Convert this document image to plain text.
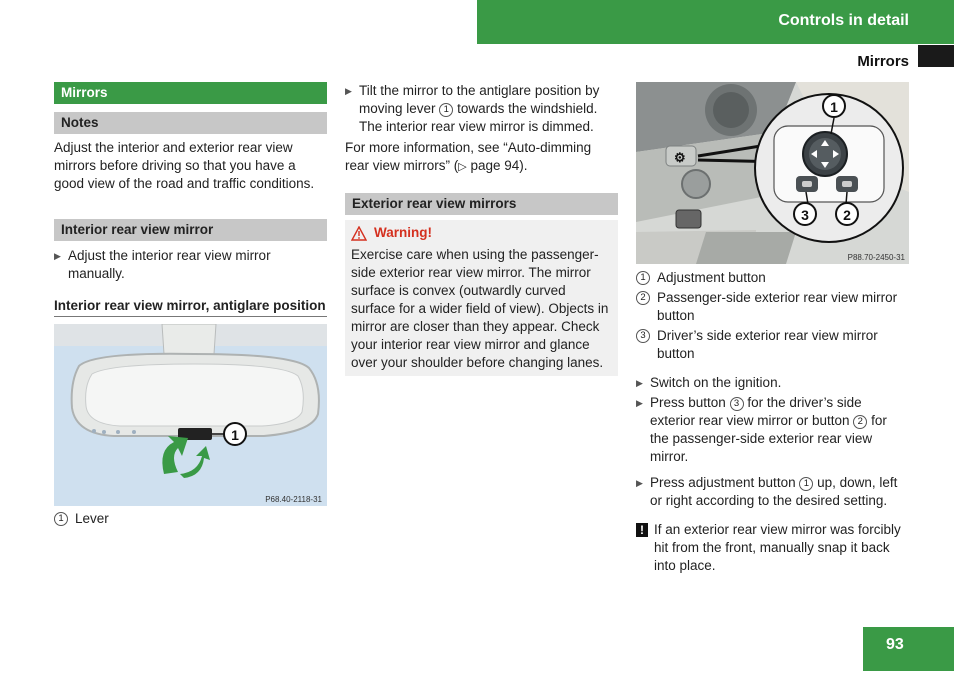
Controls in detail
Mirrors
Mirrors
Notes

Adjust the interior and exterior rear view mirrors before driving so that you have a good view of the road and traffic conditions.

Interior rear view mirror
▶ Adjust the interior rear view mirror manually.
Interior rear view mirror, antiglare position
1
P68.40-2118-31
1 Lever
▶ Tilt the mirror to the antiglare position by moving lever 1 towards the windshield. The interior rear view mirror is dimmed.

For more information, see “Auto-dimming rear view mirrors” (▷ page 94).

Exterior rear view mirrors
Warning!

Exercise care when using the passenger-side exterior rear view mirror. The mirror surface is convex (outwardly curved surface for a wider field of view). Objects in mirror are closer than they appear. Check your interior rear view mirror and glance over your shoulder before changing lanes.

⚙
1
3 2
P88.70-2450-31
1 Adjustment button
2 Passenger-side exterior rear view mirror button
3 Driver’s side exterior rear view mirror button
▶ Switch on the ignition.
▶ Press button 3 for the driver’s side exterior rear view mirror or button 2 for the passenger-side exterior rear view mirror.
▶ Press adjustment button 1 up, down, left or right according to the desired setting.
! If an exterior rear view mirror was forcibly hit from the front, manually snap it back into place.
93
